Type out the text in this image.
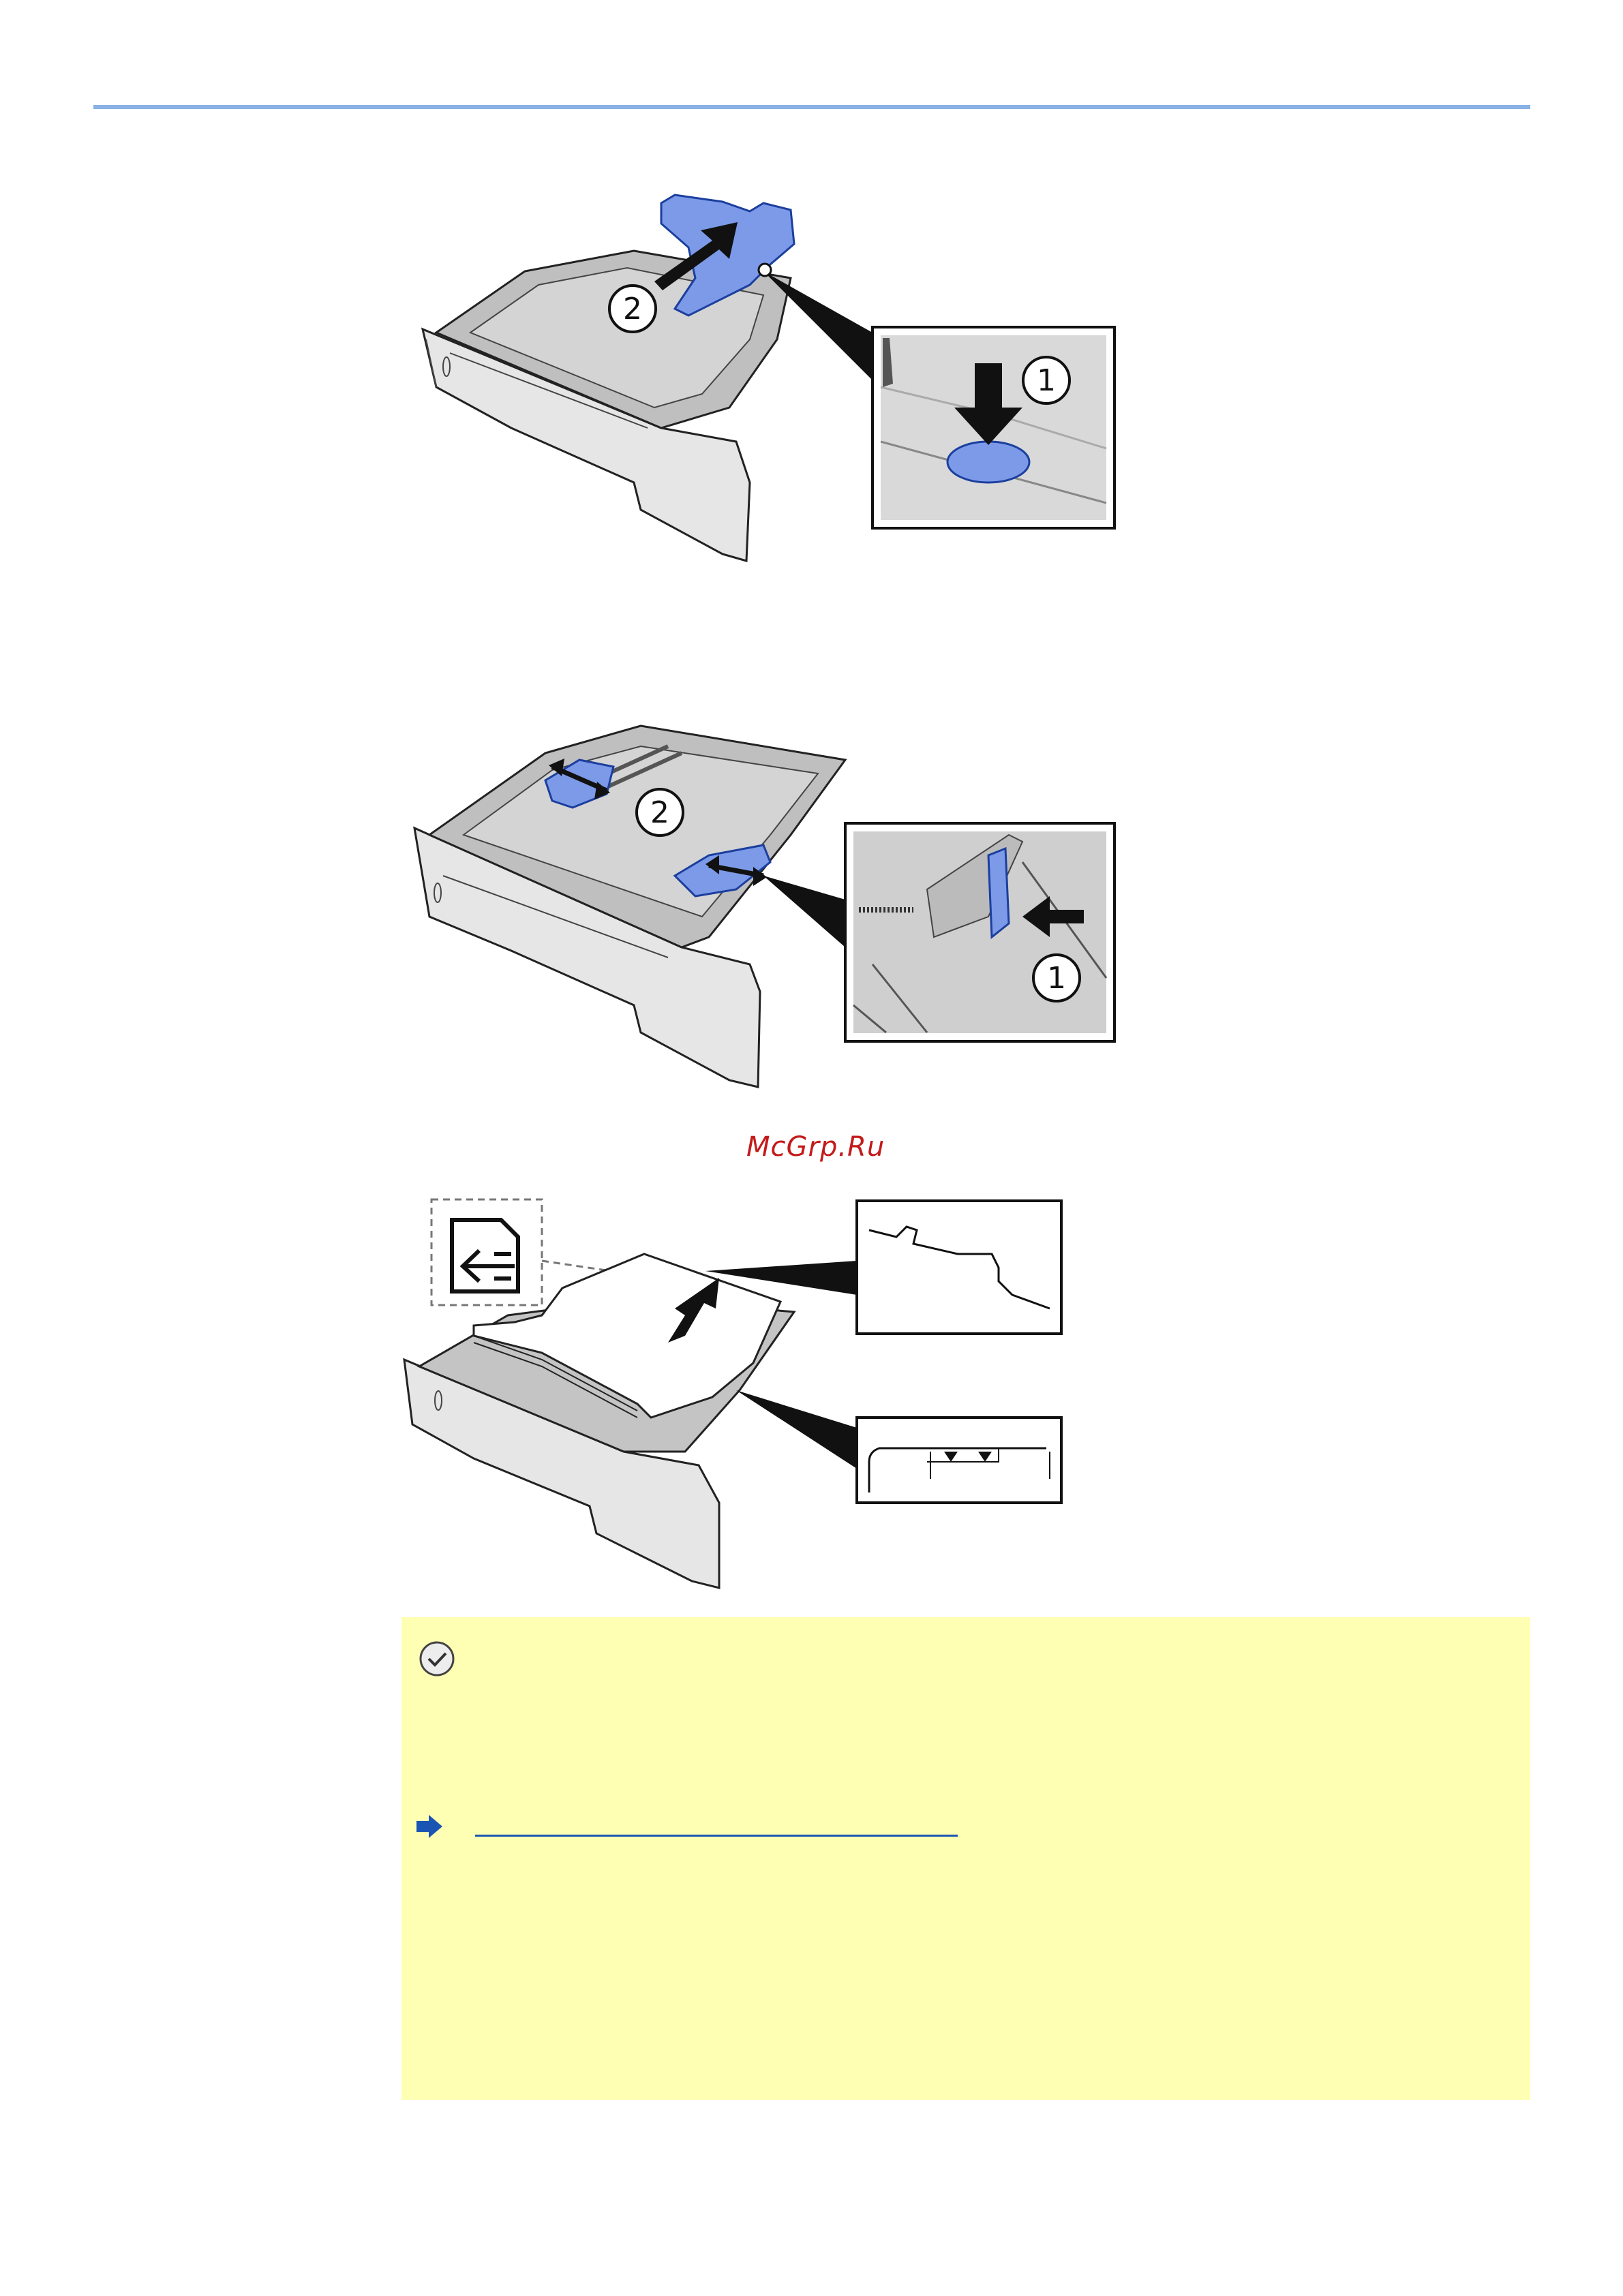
2
1
2
1
McGrp.Ru
